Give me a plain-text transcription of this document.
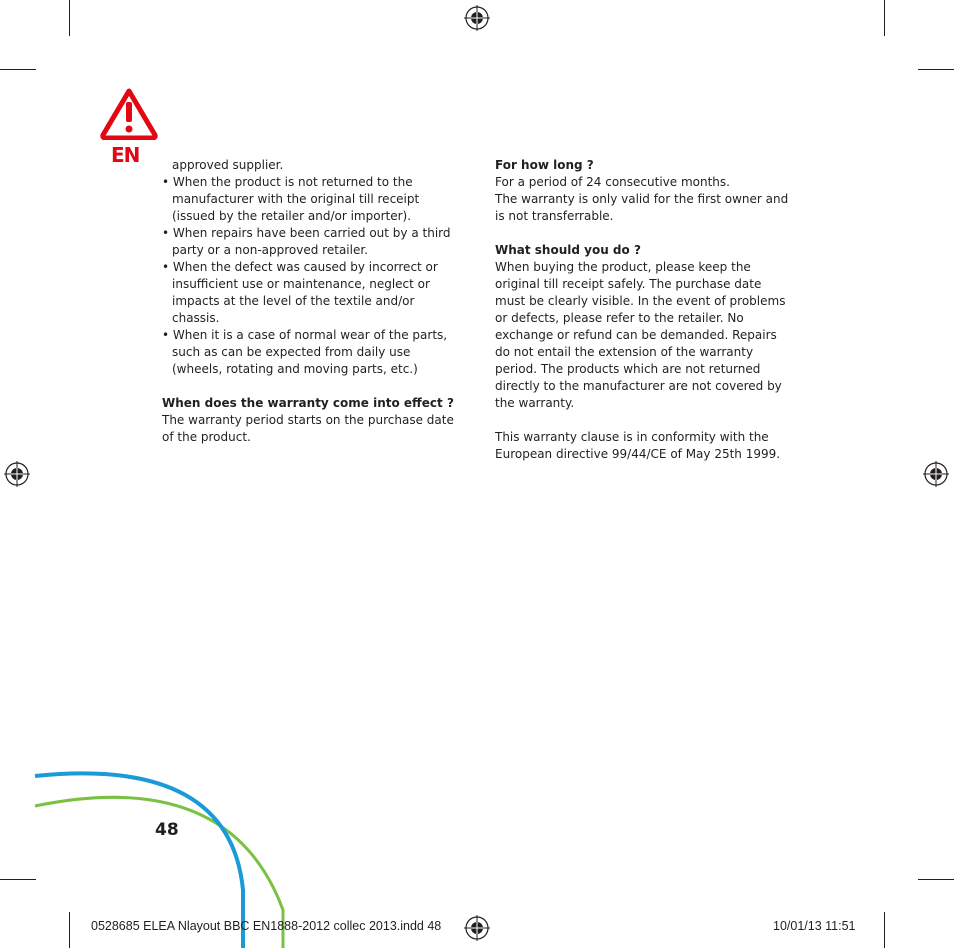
EN	approved supplier.

• When the product is not returned to the manufacturer with the original till receipt (issued by the retailer and/or importer).

• When repairs have been carried out by a third party or a non-approved retailer.

• When the defect was caused by incorrect or insufficient use or maintenance, neglect or impacts at the level of the textile and/or chassis.

• When it is a case of normal wear of the parts, such as can be expected from daily use (wheels, rotating and moving parts, etc.)

When does the warranty come into effect ?

The warranty period starts on the purchase date of the product.

For how long ?

For a period of 24 consecutive months.

The warranty is only valid for the first owner and is not transferrable.

What should you do ?

When buying the product, please keep the original till receipt safely. The purchase date must be clearly visible. In the event of problems or defects, please refer to the retailer. No exchange or refund can be demanded. Repairs do not entail the extension of the warranty period. The products which are not returned directly to the manufacturer are not covered by the warranty.

This warranty clause is in conformity with the European directive 99/44/CE of May 25th 1999.

48
0528685 ELEA Nlayout BBC EN1888-2012 collec 2013.indd 48	10/01/13 11:51
